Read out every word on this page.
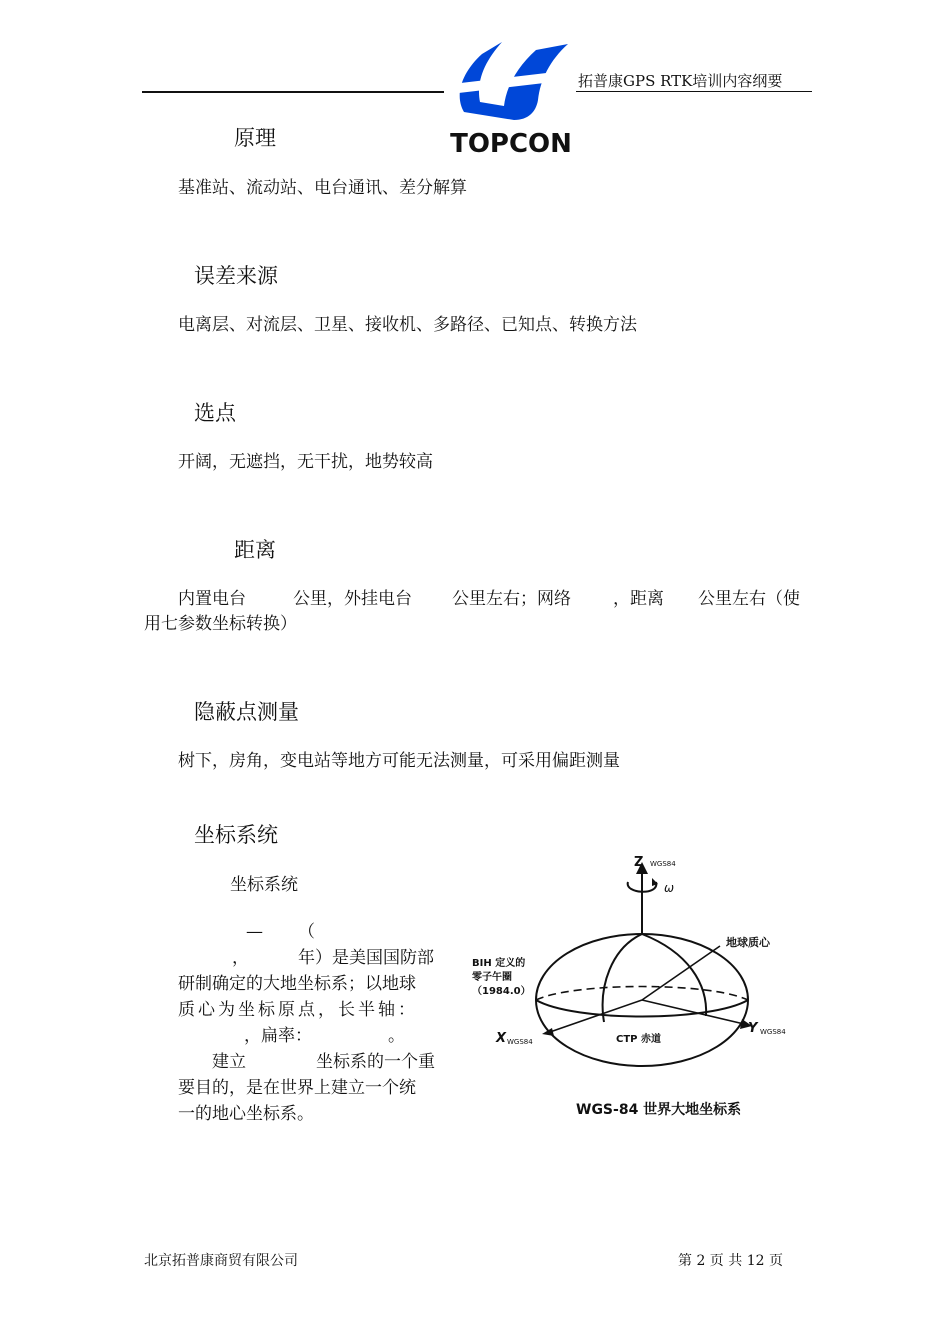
拓普康GPS RTK培训内容纲要
TOPCON
原理
基准站、流动站、电台通讯、差分解算
误差来源
电离层、对流层、卫星、接收机、多路径、已知点、转换方法
选点
开阔，无遮挡，无干扰，地势较高
距离
内置电台	公里，外挂电台 公里左右；网络 ，距离 公里左右（使
用七参数坐标转换）
隐蔽点测量
树下，房角，变电站等地方可能无法测量，可采用偏距测量
坐标系统
坐标系统
— （
，	年）是美国国防部
研制确定的大地坐标系；以地球
质心为坐标原点，长半轴：
，扁率：	。
建立	坐标系的一个重
要目的，是在世界上建立一个统
一的地心坐标系。
Z WGS84
ω
X WGS84
Y WGS84
地球质心
BIH 定义的
零子午圈
（1984.0）
CTP 赤道
WGS-84 世界大地坐标系
北京拓普康商贸有限公司	第 2 页 共 12 页
